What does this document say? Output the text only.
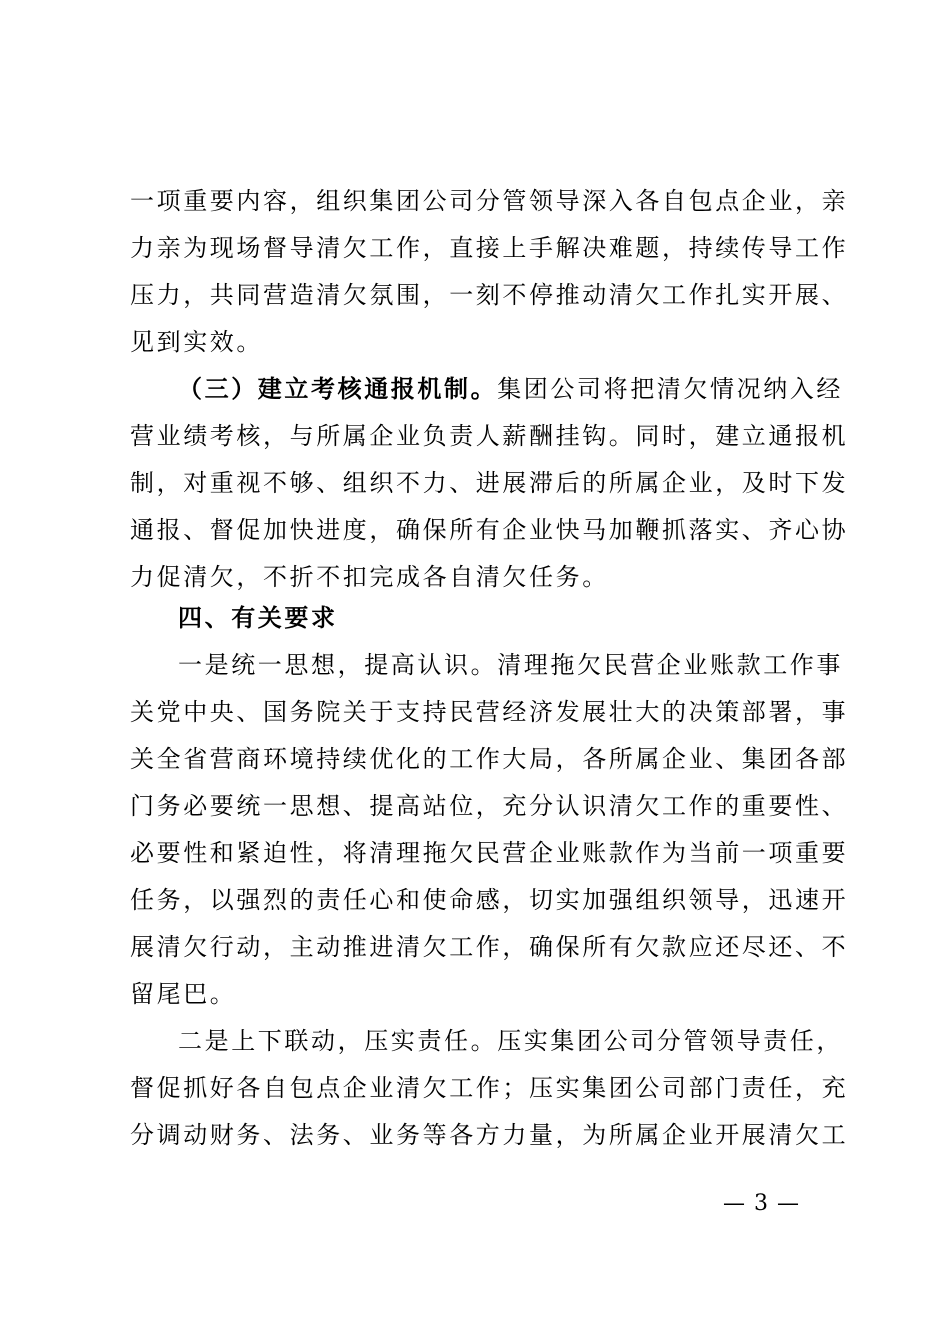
一项重要内容，组织集团公司分管领导深入各自包点企业，亲
力亲为现场督导清欠工作，直接上手解决难题，持续传导工作
压力，共同营造清欠氛围，一刻不停推动清欠工作扎实开展、
见到实效。
（三）建立考核通报机制。集团公司将把清欠情况纳入经
营业绩考核，与所属企业负责人薪酬挂钩。同时，建立通报机
制，对重视不够、组织不力、进展滞后的所属企业，及时下发
通报、督促加快进度，确保所有企业快马加鞭抓落实、齐心协
力促清欠，不折不扣完成各自清欠任务。
四、有关要求
一是统一思想，提高认识。清理拖欠民营企业账款工作事
关党中央、国务院关于支持民营经济发展壮大的决策部署，事
关全省营商环境持续优化的工作大局，各所属企业、集团各部
门务必要统一思想、提高站位，充分认识清欠工作的重要性、
必要性和紧迫性，将清理拖欠民营企业账款作为当前一项重要
任务，以强烈的责任心和使命感，切实加强组织领导，迅速开
展清欠行动，主动推进清欠工作，确保所有欠款应还尽还、不
留尾巴。
二是上下联动，压实责任。压实集团公司分管领导责任，
督促抓好各自包点企业清欠工作；压实集团公司部门责任，充
分调动财务、法务、业务等各方力量，为所属企业开展清欠工
— 3 —
